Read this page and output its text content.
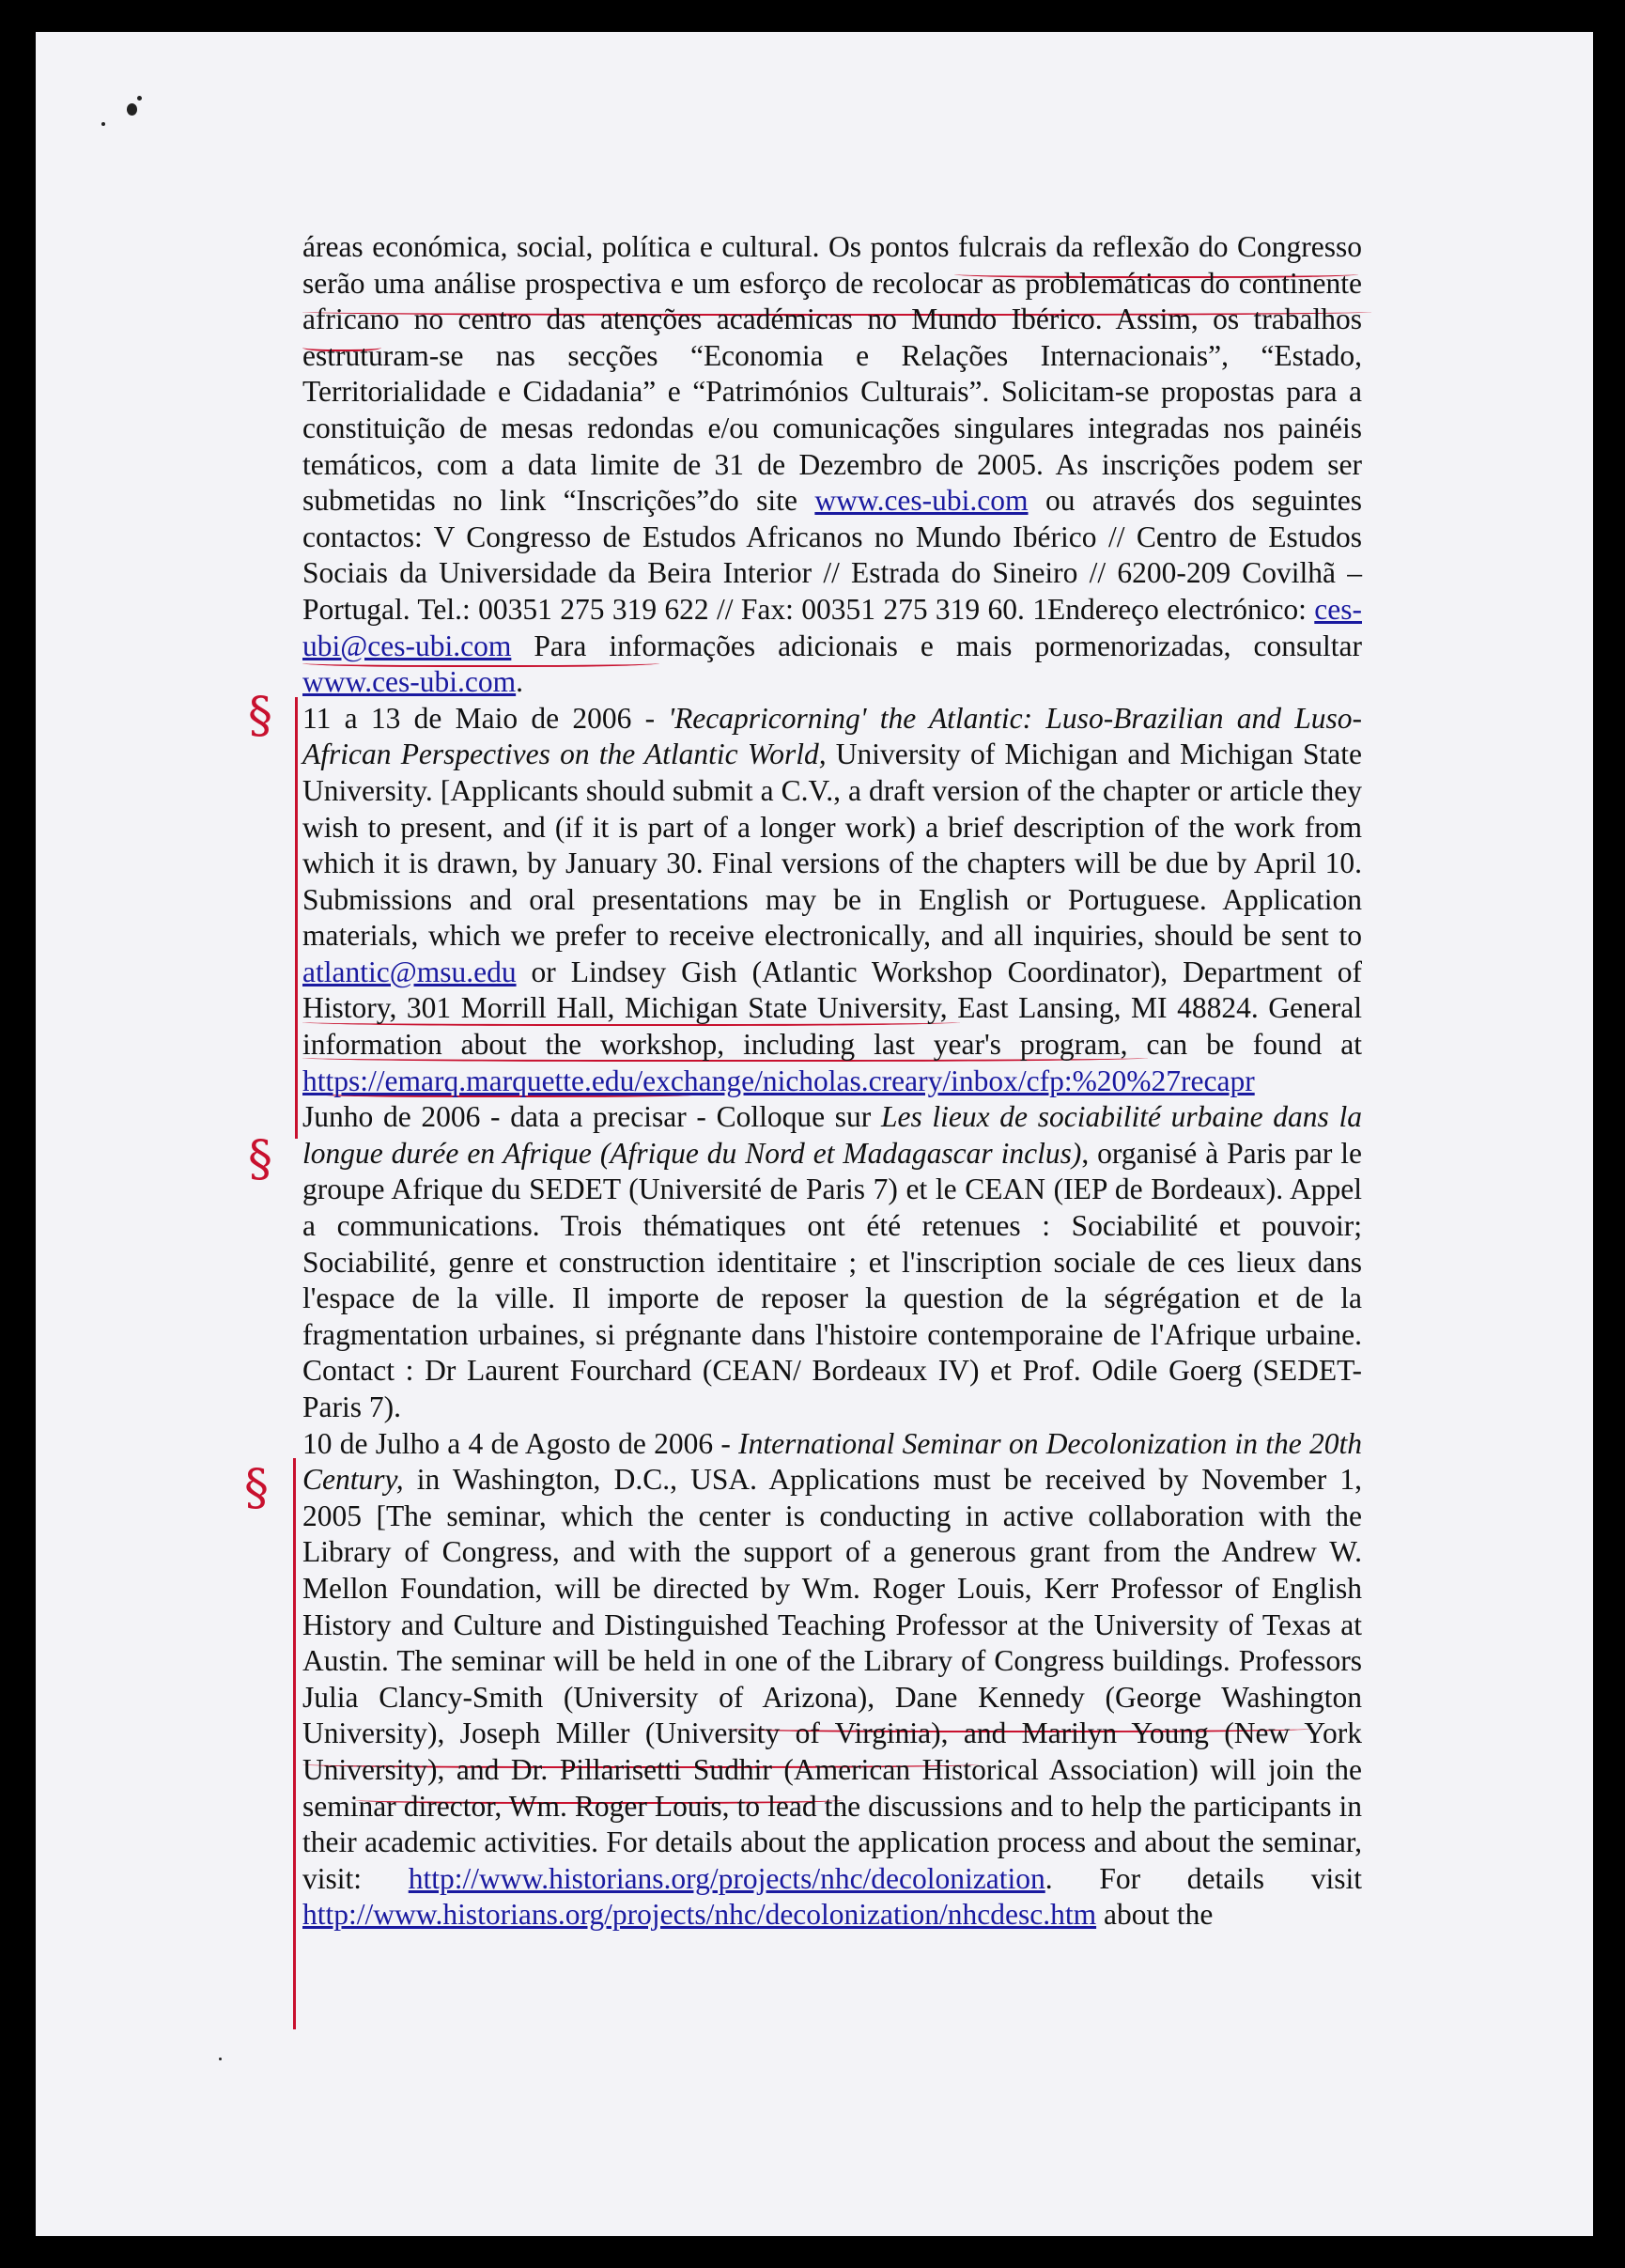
§
§
§

áreas económica, social, política e cultural. Os pontos fulcrais da reflexão do Congresso serão uma análise prospectiva e um esforço de recolocar as problemáticas do continente africano no centro das atenções académicas no Mundo Ibérico. Assim, os trabalhos estruturam-se nas secções “Economia e Relações Internacionais”, “Estado, Territorialidade e Cidadania” e “Patrimónios Culturais”. Solicitam-se propostas para a constituição de mesas redondas e/ou comunicações singulares integradas nos painéis temáticos, com a data limite de 31 de Dezembro de 2005. As inscrições podem ser submetidas no link “Inscrições”do site www.ces-ubi.com ou através dos seguintes contactos: V Congresso de Estudos Africanos no Mundo Ibérico // Centro de Estudos Sociais da Universidade da Beira Interior // Estrada do Sineiro // 6200-209 Covilhã – Portugal. Tel.: 00351 275 319 622 // Fax: 00351 275 319 60. 1Endereço electrónico: ces-ubi@ces-ubi.com Para informações adicionais e mais pormenorizadas, consultar www.ces-ubi.com.

11 a 13 de Maio de 2006 - 'Recapricorning' the Atlantic: Luso-Brazilian and Luso-African Perspectives on the Atlantic World, University of Michigan and Michigan State University. [Applicants should submit a C.V., a draft version of the chapter or article they wish to present, and (if it is part of a longer work) a brief description of the work from which it is drawn, by January 30. Final versions of the chapters will be due by April 10. Submissions and oral presentations may be in English or Portuguese. Application materials, which we prefer to receive electronically, and all inquiries, should be sent to atlantic@msu.edu or Lindsey Gish (Atlantic Workshop Coordinator), Department of History, 301 Morrill Hall, Michigan State University, East Lansing, MI 48824. General information about the workshop, including last year's program, can be found at https://emarq.marquette.edu/exchange/nicholas.creary/inbox/cfp:%20%27recapr

Junho de 2006 - data a precisar - Colloque sur Les lieux de sociabilité urbaine dans la longue durée en Afrique (Afrique du Nord et Madagascar inclus), organisé à Paris par le groupe Afrique du SEDET (Université de Paris 7) et le CEAN (IEP de Bordeaux). Appel a communications. Trois thématiques ont été retenues : Sociabilité et pouvoir; Sociabilité, genre et construction identitaire ; et l'inscription sociale de ces lieux dans l'espace de la ville. Il importe de reposer la question de la ségrégation et de la fragmentation urbaines, si prégnante dans l'histoire contemporaine de l'Afrique urbaine. Contact : Dr Laurent Fourchard (CEAN/ Bordeaux IV) et Prof. Odile Goerg (SEDET-Paris 7).

10 de Julho a 4 de Agosto de 2006 - International Seminar on Decolonization in the 20th Century, in Washington, D.C., USA. Applications must be received by November 1, 2005 [The seminar, which the center is conducting in active collaboration with the Library of Congress, and with the support of a generous grant from the Andrew W. Mellon Foundation, will be directed by Wm. Roger Louis, Kerr Professor of English History and Culture and Distinguished Teaching Professor at the University of Texas at Austin. The seminar will be held in one of the Library of Congress buildings. Professors Julia Clancy-Smith (University of Arizona), Dane Kennedy (George Washington University), Joseph Miller (University of Virginia), and Marilyn Young (New York University), and Dr. Pillarisetti Sudhir (American Historical Association) will join the seminar director, Wm. Roger Louis, to lead the discussions and to help the participants in their academic activities. For details about the application process and about the seminar, visit: http://www.historians.org/projects/nhc/decolonization. For details visit http://www.historians.org/projects/nhc/decolonization/nhcdesc.htm about the
